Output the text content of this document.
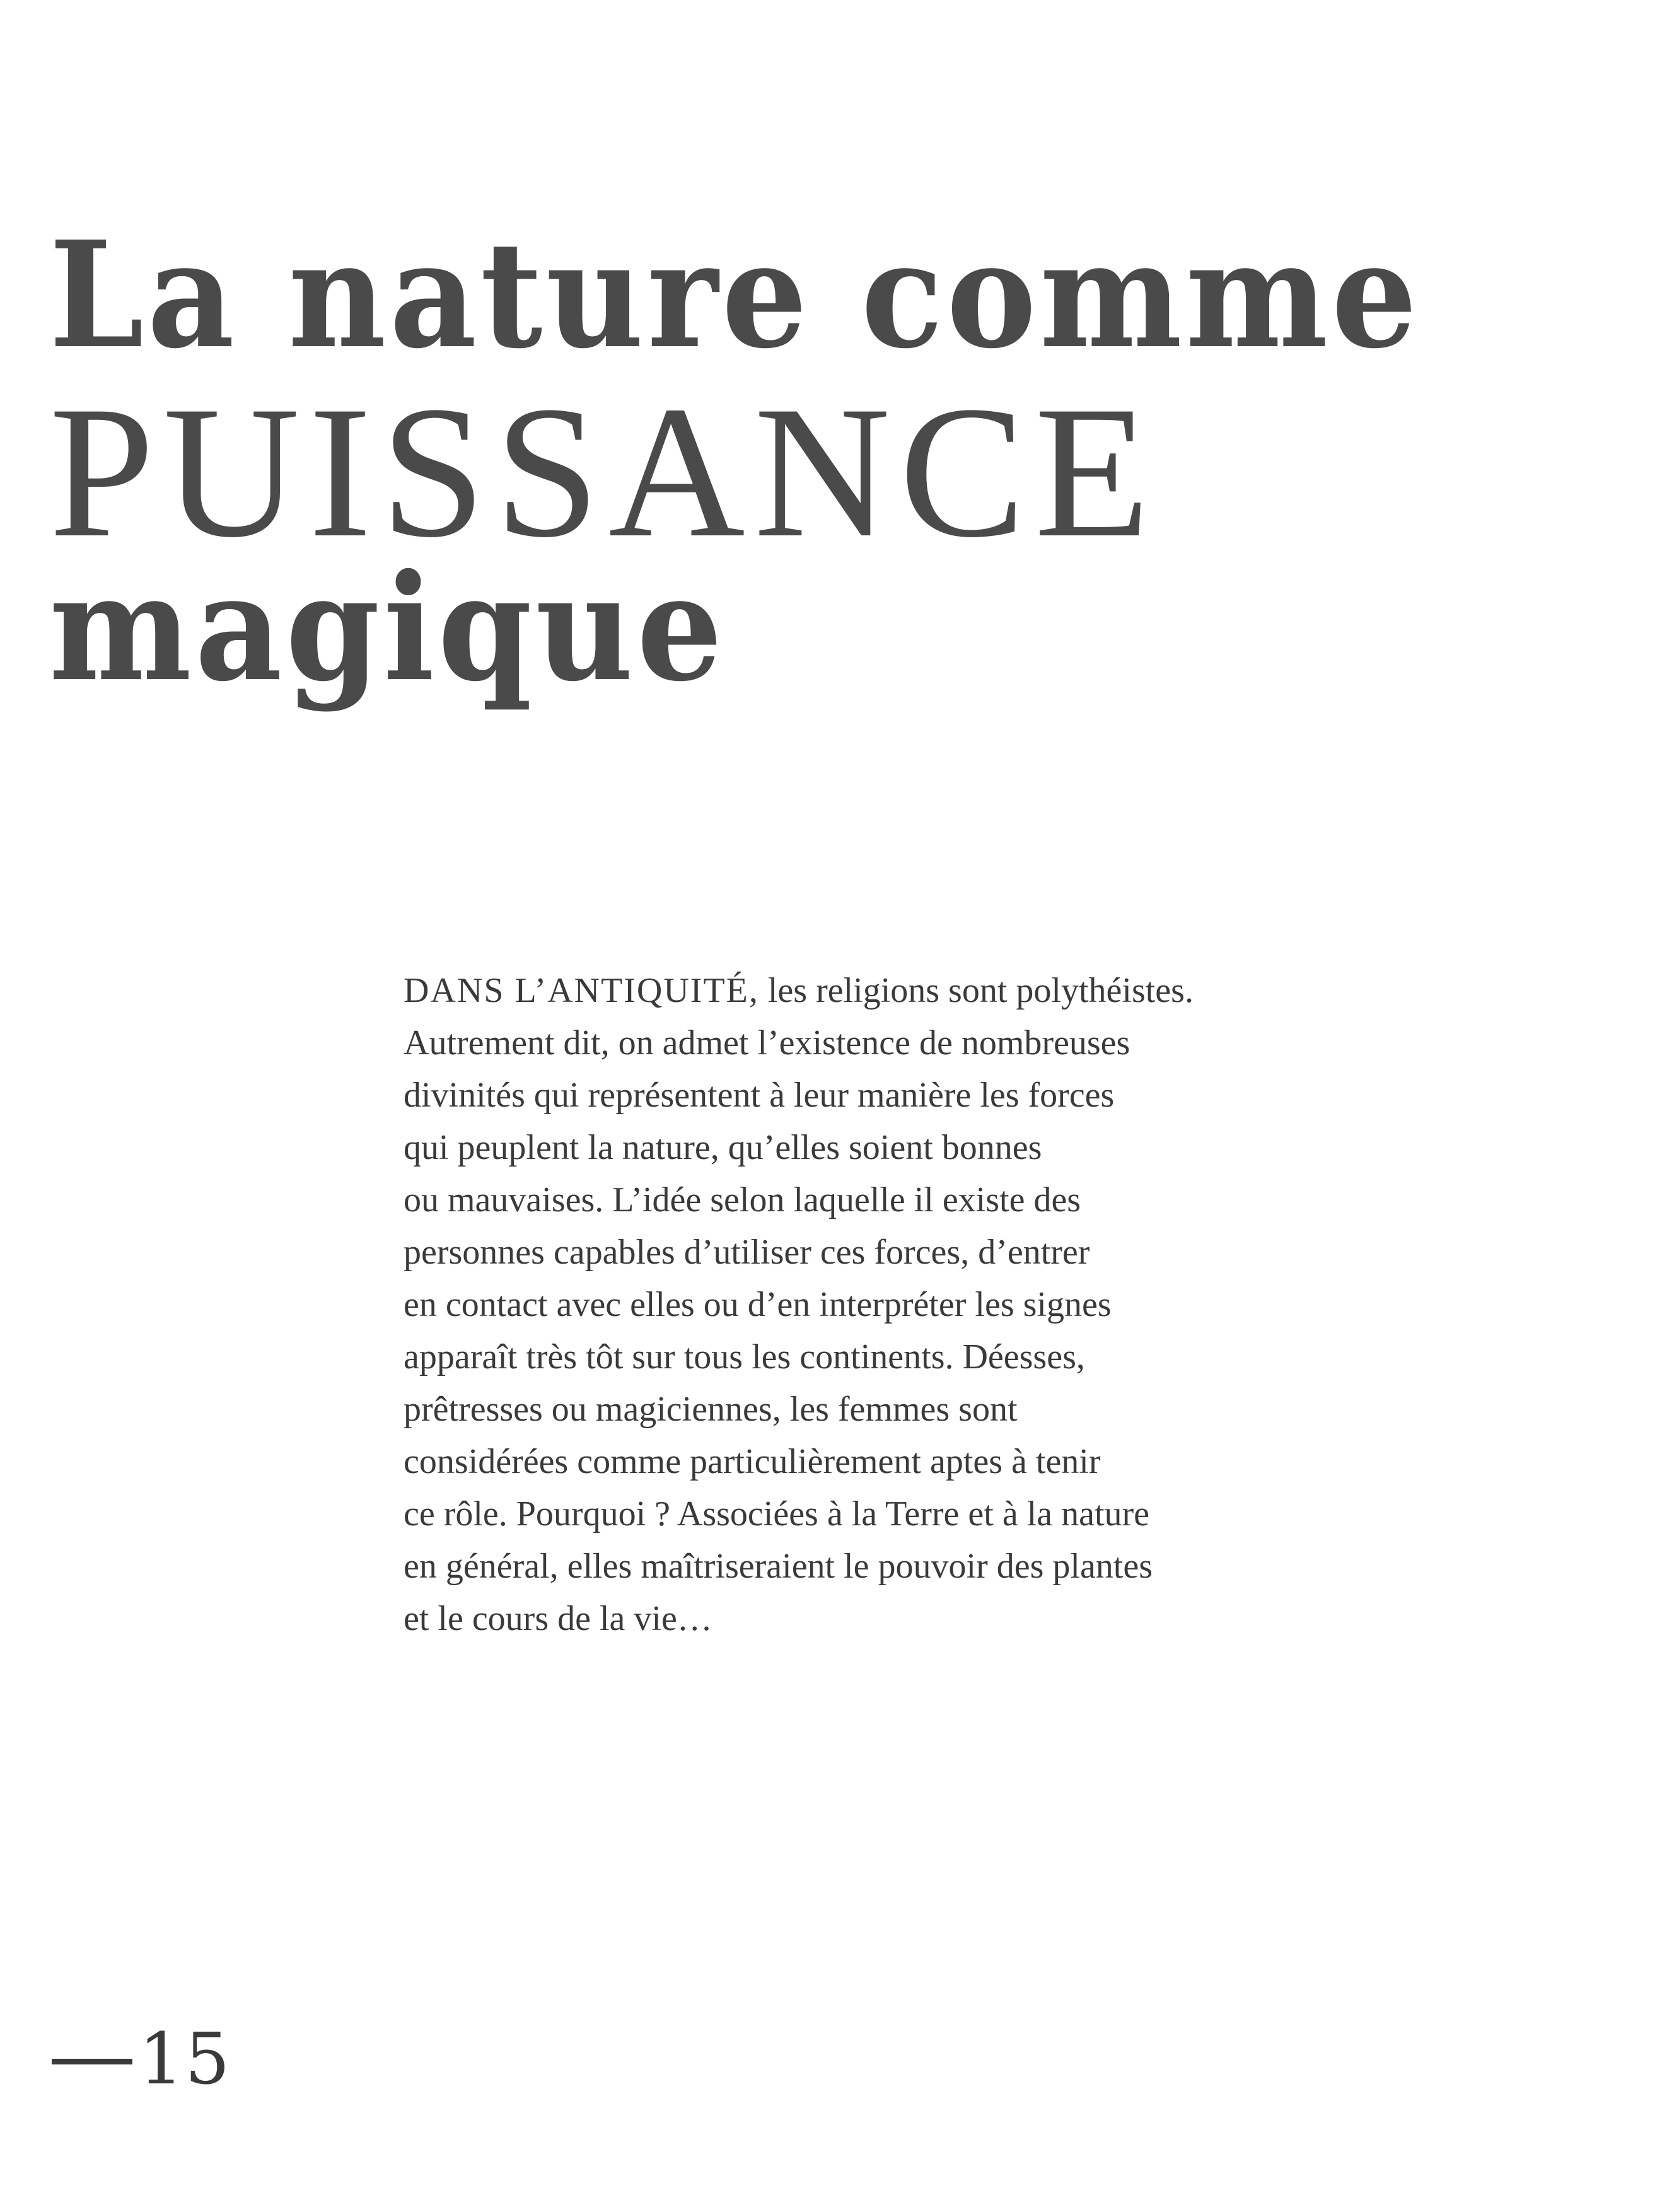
La nature comme
PUISSANCE
magique

DANS L’ANTIQUITÉ, les religions sont polythéistes.
Autrement dit, on admet l’existence de nombreuses
divinités qui représentent à leur manière les forces
qui peuplent la nature, qu’elles soient bonnes
ou mauvaises. L’idée selon laquelle il existe des
personnes capables d’utiliser ces forces, d’entrer
en contact avec elles ou d’en interpréter les signes
apparaît très tôt sur tous les continents. Déesses,
prêtresses ou magiciennes, les femmes sont
considérées comme particulièrement aptes à tenir
ce rôle. Pourquoi ? Associées à la Terre et à la nature
en général, elles maîtriseraient le pouvoir des plantes
et le cours de la vie…

15
